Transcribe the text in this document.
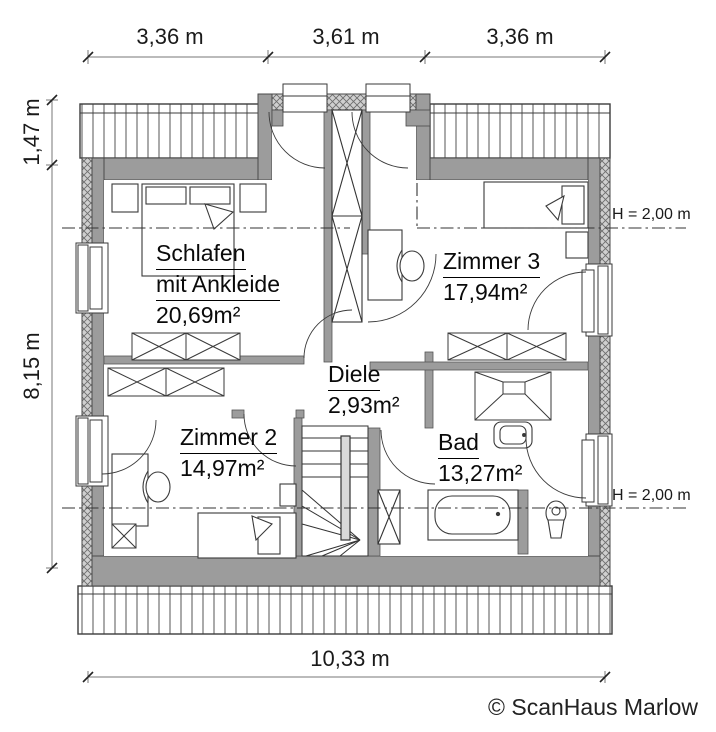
3,36 m	3,61 m	3,36 m
1,47 m
8,15 m
10,33 m
Schlafen
mit Ankleide
20,69m²
Zimmer 3
17,94m²
Diele
2,93m²
Zimmer 2
14,97m²
Bad
13,27m²
H = 2,00 m
H = 2,00 m
© ScanHaus Marlow
